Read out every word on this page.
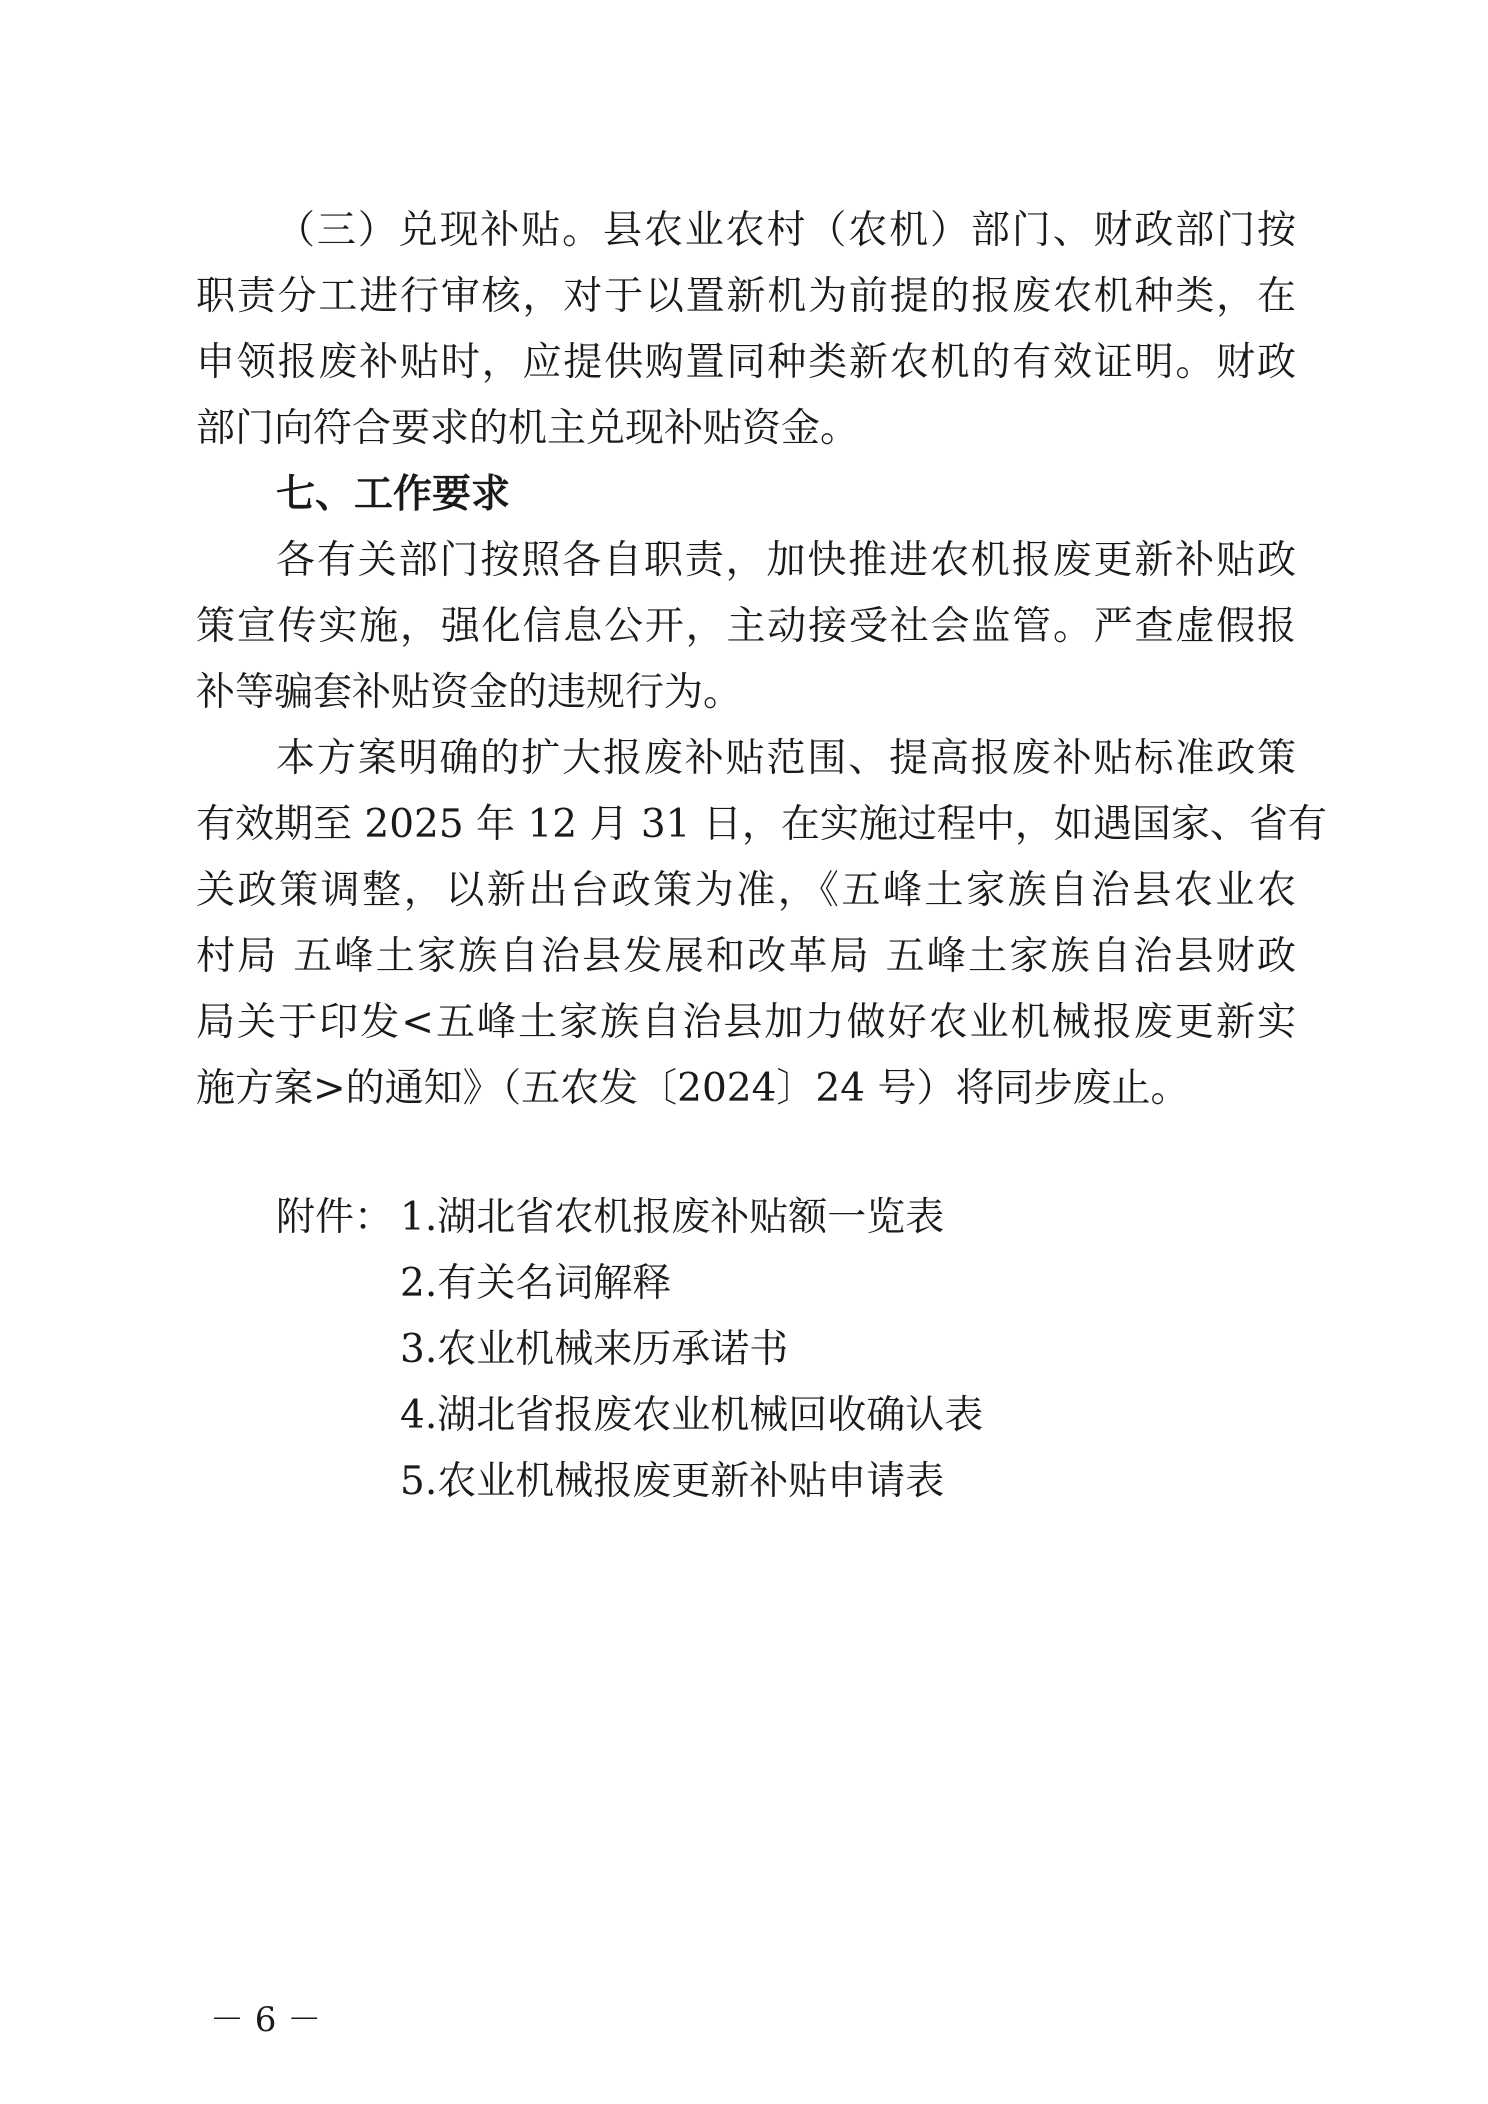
（三）兑现补贴。县农业农村（农机）部门、财政部门按
职责分工进行审核，对于以置新机为前提的报废农机种类，在
申领报废补贴时，应提供购置同种类新农机的有效证明。财政
部门向符合要求的机主兑现补贴资金。
七、工作要求
各有关部门按照各自职责，加快推进农机报废更新补贴政
策宣传实施，强化信息公开，主动接受社会监管。严查虚假报
补等骗套补贴资金的违规行为。
本方案明确的扩大报废补贴范围、提高报废补贴标准政策
有效期至 2025 年 12 月 31 日，在实施过程中，如遇国家、省有
关政策调整，以新出台政策为准，《五峰土家族自治县农业农
村局 五峰土家族自治县发展和改革局 五峰土家族自治县财政
局关于印发<五峰土家族自治县加力做好农业机械报废更新实
施方案>的通知》（五农发〔2024〕24 号）将同步废止。
附件： 1.湖北省农机报废补贴额一览表
2.有关名词解释
3.农业机械来历承诺书
4.湖北省报废农业机械回收确认表
5.农业机械报废更新补贴申请表
－ 6 －
